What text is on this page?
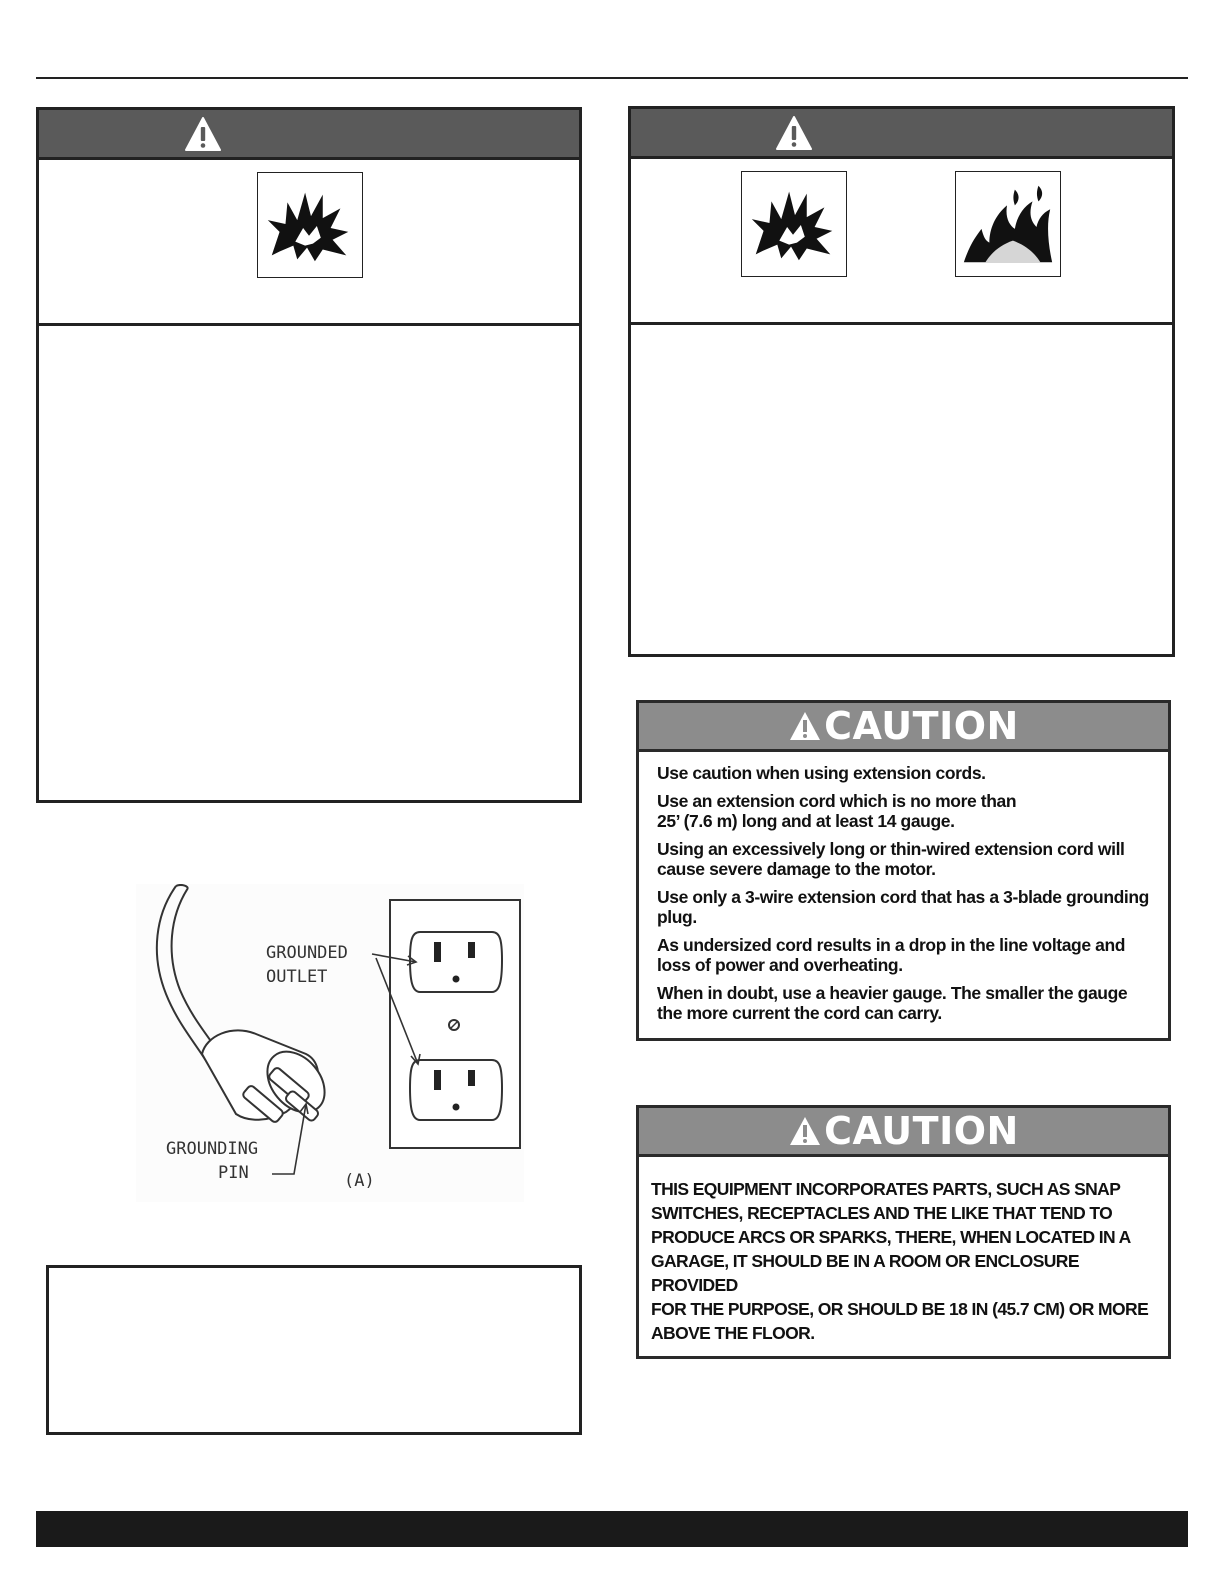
CAUTION

Use caution when using extension cords.

Use an extension cord which is no more than
25’ (7.6 m) long and at least 14 gauge.

Using an excessively long or thin-wired extension cord will cause severe damage to the motor.

Use only a 3-wire extension cord that has a 3-blade grounding plug.

As undersized cord results in a drop in the line voltage and loss of power and overheating.

When in doubt, use a heavier gauge. The smaller the gauge the more current the cord can carry.

CAUTION

THIS EQUIPMENT INCORPORATES PARTS, SUCH AS SNAP

SWITCHES, RECEPTACLES AND THE LIKE THAT TEND TO

PRODUCE ARCS OR SPARKS, THERE, WHEN LOCATED IN A

GARAGE, IT SHOULD BE IN A ROOM OR ENCLOSURE PROVIDED

FOR THE PURPOSE, OR SHOULD BE 18 IN (45.7 CM) OR MORE

ABOVE THE FLOOR.

GROUNDED
OUTLET
GROUNDING
PIN	(A)
